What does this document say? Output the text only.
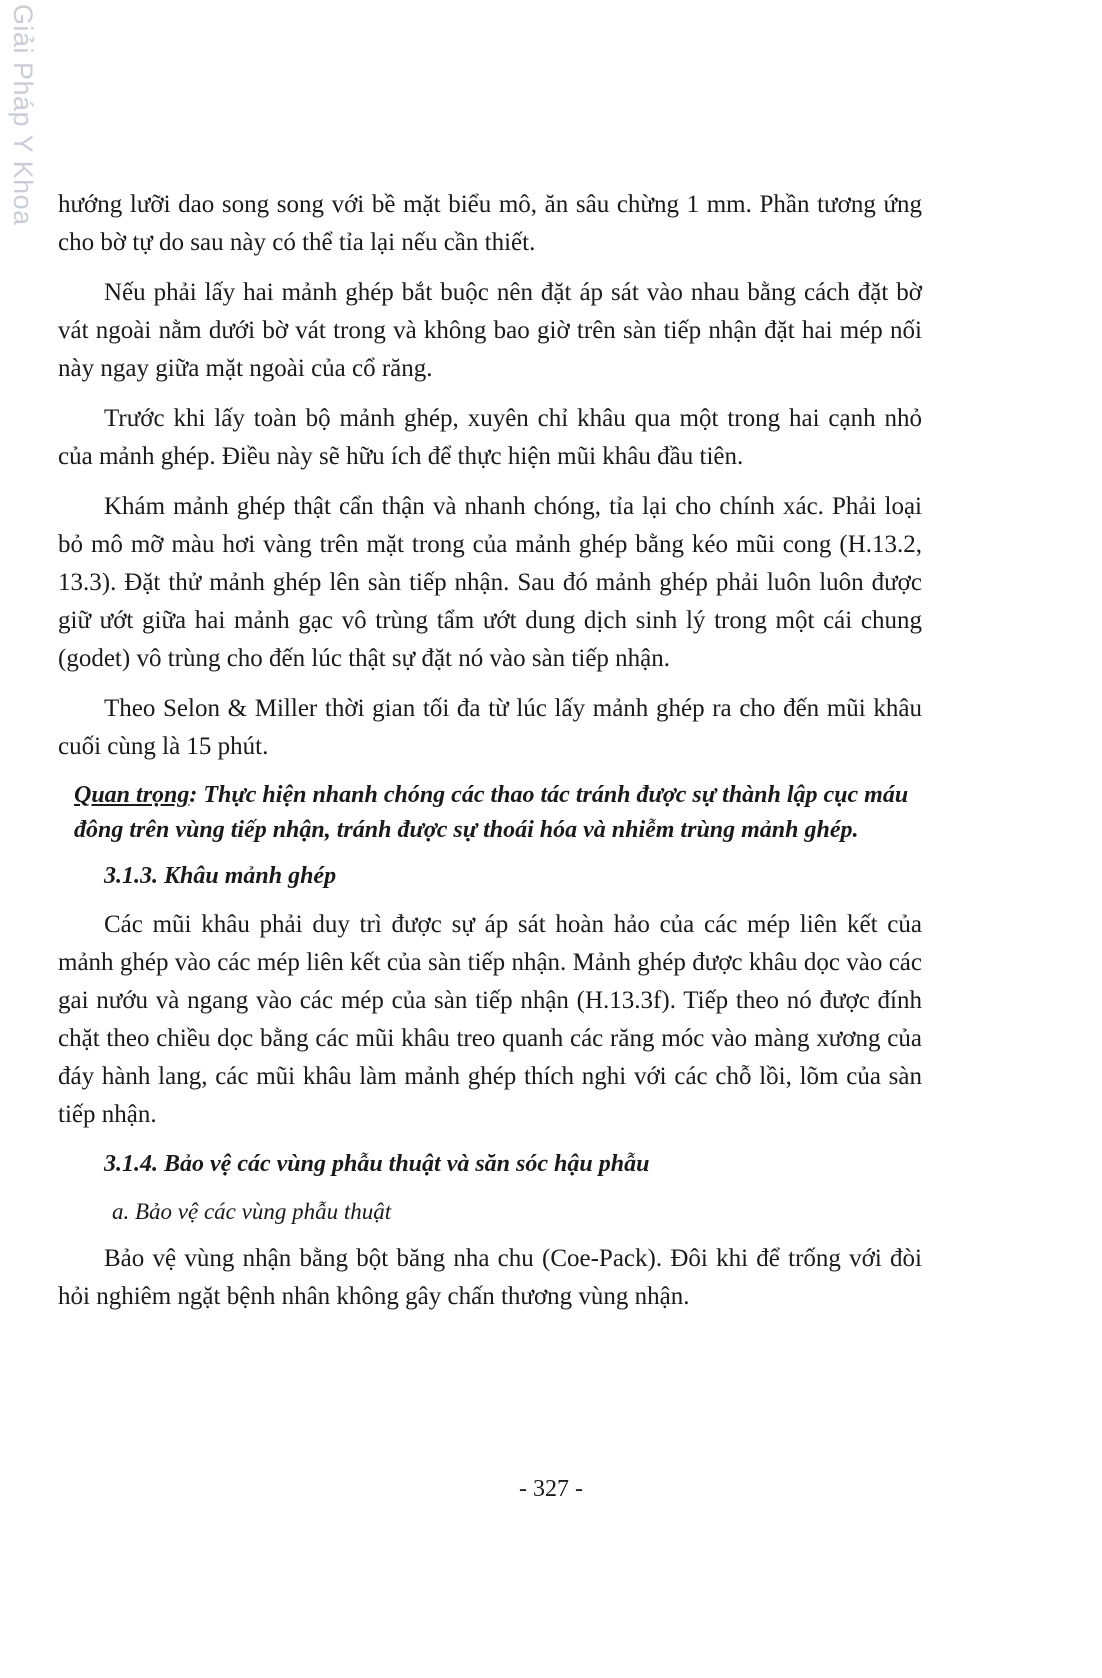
Giải Pháp Y Khoa hướng lưỡi dao song song với bề mặt biểu mô, ăn sâu chừng 1 mm. Phần tương ứng cho bờ tự do sau này có thể tỉa lại nếu cần thiết.

Nếu phải lấy hai mảnh ghép bắt buộc nên đặt áp sát vào nhau bằng cách đặt bờ vát ngoài nằm dưới bờ vát trong và không bao giờ trên sàn tiếp nhận đặt hai mép nối này ngay giữa mặt ngoài của cổ răng.

Trước khi lấy toàn bộ mảnh ghép, xuyên chỉ khâu qua một trong hai cạnh nhỏ của mảnh ghép. Điều này sẽ hữu ích để thực hiện mũi khâu đầu tiên.

Khám mảnh ghép thật cẩn thận và nhanh chóng, tỉa lại cho chính xác. Phải loại bỏ mô mỡ màu hơi vàng trên mặt trong của mảnh ghép bằng kéo mũi cong (H.13.2, 13.3). Đặt thử mảnh ghép lên sàn tiếp nhận. Sau đó mảnh ghép phải luôn luôn được giữ ướt giữa hai mảnh gạc vô trùng tẩm ướt dung dịch sinh lý trong một cái chung (godet) vô trùng cho đến lúc thật sự đặt nó vào sàn tiếp nhận.

Theo Selon & Miller thời gian tối đa từ lúc lấy mảnh ghép ra cho đến mũi khâu cuối cùng là 15 phút.

Quan trọng: Thực hiện nhanh chóng các thao tác tránh được sự thành lập cục máu đông trên vùng tiếp nhận, tránh được sự thoái hóa và nhiễm trùng mảnh ghép.
3.1.3. Khâu mảnh ghép

Các mũi khâu phải duy trì được sự áp sát hoàn hảo của các mép liên kết của mảnh ghép vào các mép liên kết của sàn tiếp nhận. Mảnh ghép được khâu dọc vào các gai nướu và ngang vào các mép của sàn tiếp nhận (H.13.3f). Tiếp theo nó được đính chặt theo chiều dọc bằng các mũi khâu treo quanh các răng móc vào màng xương của đáy hành lang, các mũi khâu làm mảnh ghép thích nghi với các chỗ lồi, lõm của sàn tiếp nhận.

3.1.4. Bảo vệ các vùng phẫu thuật và săn sóc hậu phẫu
a. Bảo vệ các vùng phẫu thuật

Bảo vệ vùng nhận bằng bột băng nha chu (Coe-Pack). Đôi khi để trống với đòi hỏi nghiêm ngặt bệnh nhân không gây chấn thương vùng nhận.

- 327 -
